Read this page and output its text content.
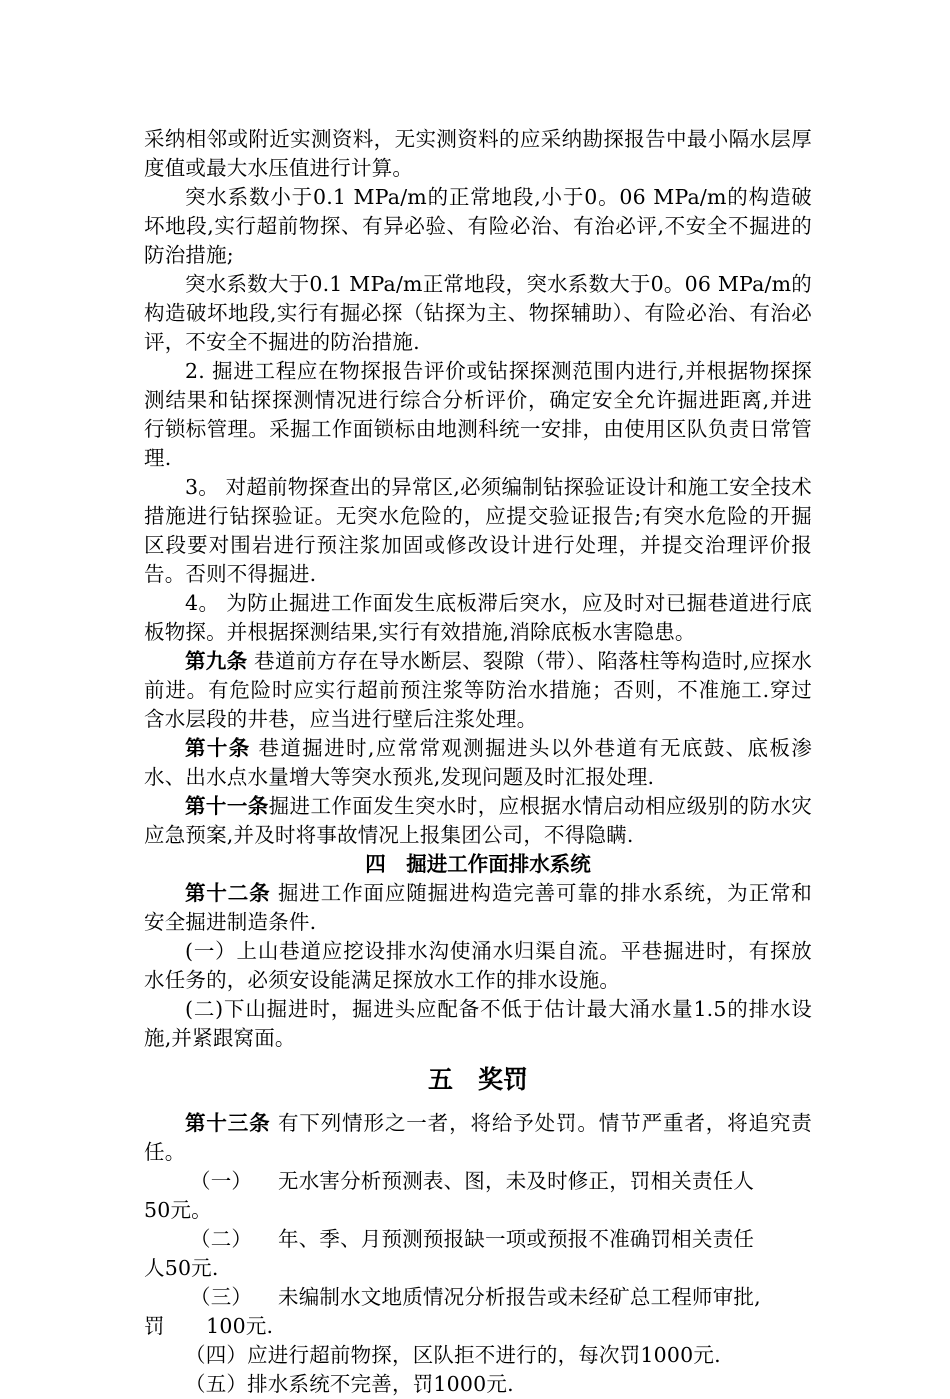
采纳相邻或附近实测资料，无实测资料的应采纳勘探报告中最小隔水层厚度值或最大水压值进行计算。

突水系数小于0.1 MPa/m的正常地段,小于0。06 MPa/m的构造破坏地段,实行超前物探、有异必验、有险必治、有治必评,不安全不掘进的防治措施;

突水系数大于0.1 MPa/m正常地段，突水系数大于0。06 MPa/m的构造破坏地段,实行有掘必探（钻探为主、物探辅助）、有险必治、有治必评，不安全不掘进的防治措施.

2. 掘进工程应在物探报告评价或钻探探测范围内进行,并根据物探探测结果和钻探探测情况进行综合分析评价，确定安全允许掘进距离,并进行锁标管理。采掘工作面锁标由地测科统一安排，由使用区队负责日常管理.

3。 对超前物探查出的异常区,必须编制钻探验证设计和施工安全技术措施进行钻探验证。无突水危险的，应提交验证报告;有突水危险的开掘区段要对围岩进行预注浆加固或修改设计进行处理，并提交治理评价报告。否则不得掘进.

4。 为防止掘进工作面发生底板滞后突水，应及时对已掘巷道进行底板物探。并根据探测结果,实行有效措施,消除底板水害隐患。

第九条 巷道前方存在导水断层、裂隙（带）、陷落柱等构造时,应探水前进。有危险时应实行超前预注浆等防治水措施；否则，不准施工.穿过含水层段的井巷，应当进行壁后注浆处理。

第十条 巷道掘进时,应常常观测掘进头以外巷道有无底鼓、底板渗水、出水点水量增大等突水预兆,发现问题及时汇报处理.

第十一条掘进工作面发生突水时，应根据水情启动相应级别的防水灾应急预案,并及时将事故情况上报集团公司，不得隐瞒.

四　掘进工作面排水系统

第十二条 掘进工作面应随掘进构造完善可靠的排水系统，为正常和安全掘进制造条件.

(一）上山巷道应挖设排水沟使涌水归渠自流。平巷掘进时，有探放水任务的，必须安设能满足探放水工作的排水设施。

(二)下山掘进时，掘进头应配备不低于估计最大涌水量1.5的排水设施,并紧跟窝面。

五　奖罚

第十三条 有下列情形之一者，将给予处罚。情节严重者，将追究责任。

（一） 无水害分析预测表、图，未及时修正，罚相关责任人
50元。
（二） 年、季、月预测预报缺一项或预报不准确罚相关责任
人50元.
（三） 未编制水文地质情况分析报告或未经矿总工程师审批,
罚　　100元.

（四）应进行超前物探，区队拒不进行的，每次罚1000元.

（五）排水系统不完善，罚1000元.
